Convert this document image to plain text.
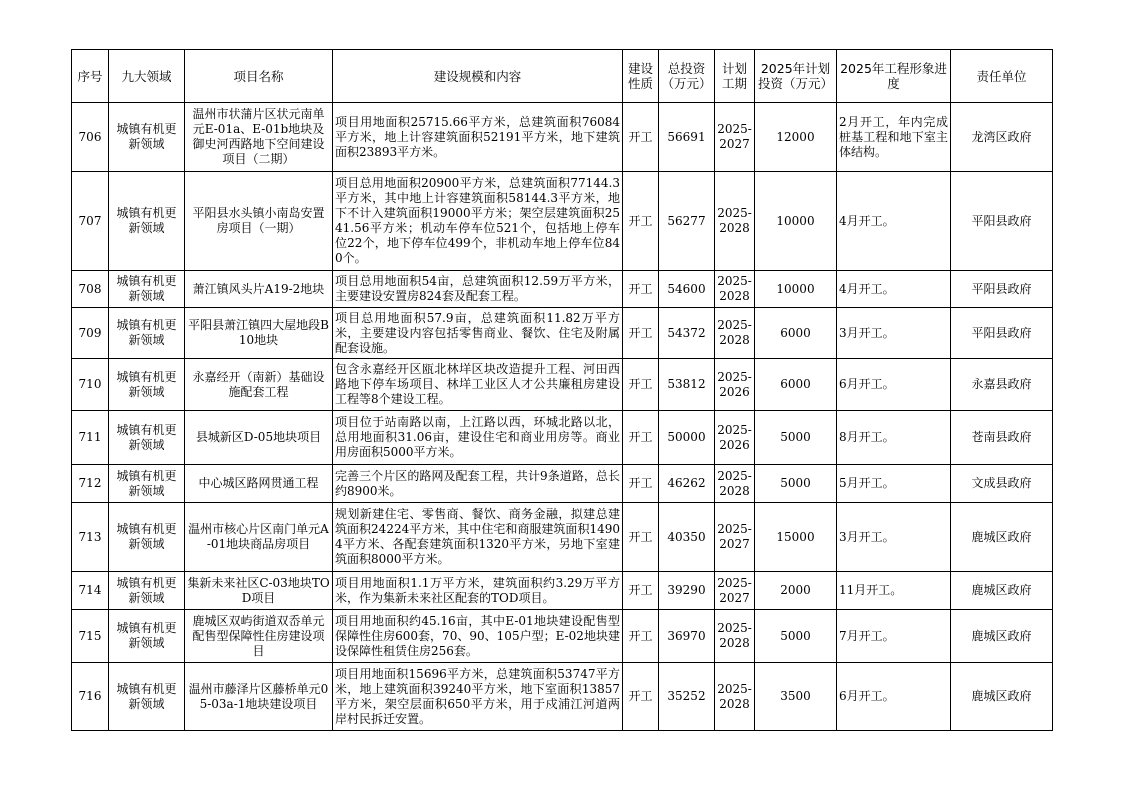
序号	九大领域	项目名称	建设规模和内容	建设性质	总投资（万元）	计划工期	2025年计划投资（万元）	2025年工程形象进度	责任单位
706	城镇有机更新领域	温州市状蒲片区状元南单元E-01a、E-01b地块及御史河西路地下空间建设项目（二期）	项目用地面积25715.66平方米，总建筑面积76084平方米，地上计容建筑面积52191平方米，地下建筑面积23893平方米。	开工	56691	2025-2027	12000	2月开工，年内完成桩基工程和地下室主体结构。	龙湾区政府
707	城镇有机更新领域	平阳县水头镇小南岛安置房项目（一期）	项目总用地面积20900平方米，总建筑面积77144.3平方米，其中地上计容建筑面积58144.3平方米，地下不计入建筑面积19000平方米；架空层建筑面积2541.56平方米；机动车停车位521个，包括地上停车位22个，地下停车位499个，非机动车地上停车位840个。	开工	56277	2025-2028	10000	4月开工。	平阳县政府
708	城镇有机更新领域	萧江镇风头片A19-2地块	项目总用地面积54亩，总建筑面积12.59万平方米，主要建设安置房824套及配套工程。	开工	54600	2025-2028	10000	4月开工。	平阳县政府
709	城镇有机更新领域	平阳县萧江镇四大屋地段B10地块	项目总用地面积57.9亩，总建筑面积11.82万平方米，主要建设内容包括零售商业、餐饮、住宅及附属配套设施。	开工	54372	2025-2028	6000	3月开工。	平阳县政府
710	城镇有机更新领域	永嘉经开（南新）基础设施配套工程	包含永嘉经开区瓯北林垟区块改造提升工程、河田西路地下停车场项目、林垟工业区人才公共廉租房建设工程等8个建设工程。	开工	53812	2025-2026	6000	6月开工。	永嘉县政府
711	城镇有机更新领域	县城新区D-05地块项目	项目位于站南路以南，上江路以西，环城北路以北，总用地面积31.06亩，建设住宅和商业用房等。商业用房面积5000平方米。	开工	50000	2025-2026	5000	8月开工。	苍南县政府
712	城镇有机更新领域	中心城区路网贯通工程	完善三个片区的路网及配套工程，共计9条道路，总长约8900米。	开工	46262	2025-2028	5000	5月开工。	文成县政府
713	城镇有机更新领域	温州市核心片区南门单元A-01地块商品房项目	规划新建住宅、零售商、餐饮、商务金融，拟建总建筑面积24224平方米，其中住宅和商服建筑面积14904平方米、各配套建筑面积1320平方米，另地下室建筑面积8000平方米。	开工	40350	2025-2027	15000	3月开工。	鹿城区政府
714	城镇有机更新领域	集新未来社区C-03地块TOD项目	项目用地面积1.1万平方米，建筑面积约3.29万平方米，作为集新未来社区配套的TOD项目。	开工	39290	2025-2027	2000	11月开工。	鹿城区政府
715	城镇有机更新领域	鹿城区双屿街道双岙单元配售型保障性住房建设项目	项目用地面积约45.16亩，其中E-01地块建设配售型保障性住房600套，70、90、105户型；E-02地块建设保障性租赁住房256套。	开工	36970	2025-2028	5000	7月开工。	鹿城区政府
716	城镇有机更新领域	温州市藤泽片区藤桥单元05-03a-1地块建设项目	项目用地面积15696平方米，总建筑面积53747平方米，地上建筑面积39240平方米，地下室面积13857平方米，架空层面积650平方米，用于戍浦江河道两岸村民拆迁安置。	开工	35252	2025-2028	3500	6月开工。	鹿城区政府
